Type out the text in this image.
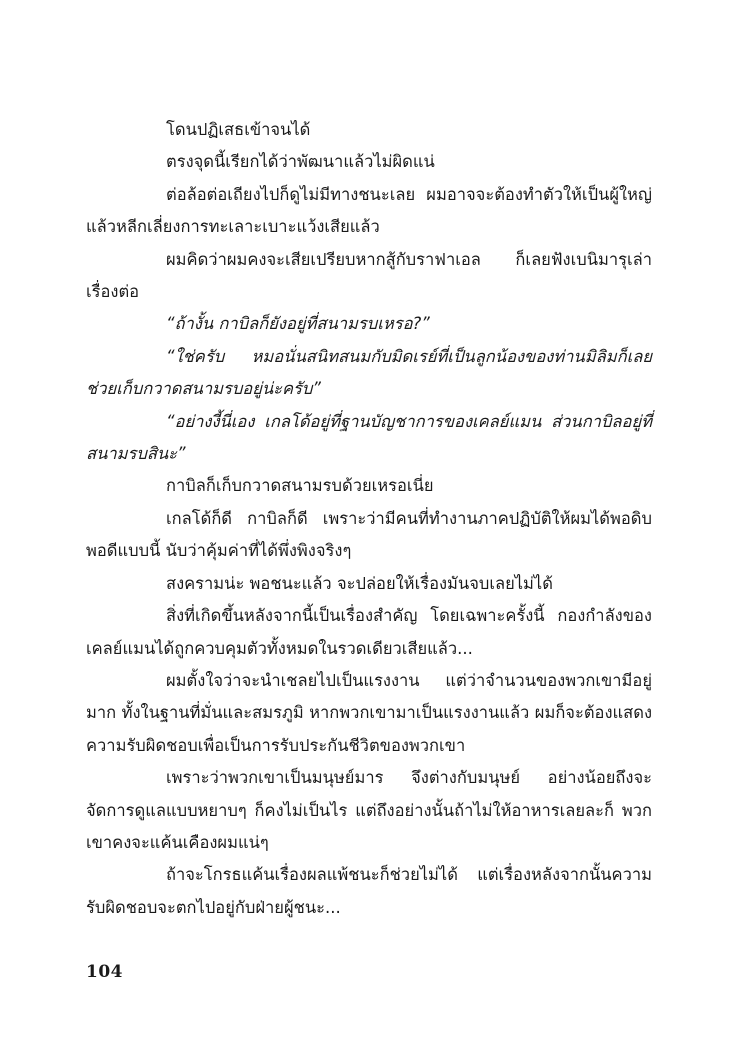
โดนปฏิเสธเข้าจนได้

ตรงจุดนี้เรียกได้ว่าพัฒนาแล้วไม่ผิดแน่

ต่อล้อต่อเถียงไปก็ดูไม่มีทางชนะเลย ผมอาจจะต้องทำตัวให้เป็นผู้ใหญ่ แล้วหลีกเลี่ยงการทะเลาะเบาะแว้งเสียแล้ว

ผมคิดว่าผมคงจะเสียเปรียบหากสู้กับราฟาเอล ก็เลยฟังเบนิมารุเล่าเรื่องต่อ

“ถ้างั้น กาบิลก็ยังอยู่ที่สนามรบเหรอ?”

“ใช่ครับ หมอนั่นสนิทสนมกับมิดเรย์ที่เป็นลูกน้องของท่านมิลิมก็เลยช่วยเก็บกวาดสนามรบอยู่น่ะครับ”

“อย่างงี้นี่เอง เกลโด้อยู่ที่ฐานบัญชาการของเคลย์แมน ส่วนกาบิลอยู่ที่สนามรบสินะ”

กาบิลก็เก็บกวาดสนามรบด้วยเหรอเนี่ย

เกลโด้ก็ดี กาบิลก็ดี เพราะว่ามีคนที่ทำงานภาคปฏิบัติให้ผมได้พอดิบพอดีแบบนี้ นับว่าคุ้มค่าที่ได้พึ่งพิงจริงๆ

สงครามน่ะ พอชนะแล้ว จะปล่อยให้เรื่องมันจบเลยไม่ได้

สิ่งที่เกิดขึ้นหลังจากนี้เป็นเรื่องสำคัญ โดยเฉพาะครั้งนี้ กองกำลังของเคลย์แมนได้ถูกควบคุมตัวทั้งหมดในรวดเดียวเสียแล้ว...

ผมตั้งใจว่าจะนำเชลยไปเป็นแรงงาน แต่ว่าจำนวนของพวกเขามีอยู่มาก ทั้งในฐานที่มั่นและสมรภูมิ หากพวกเขามาเป็นแรงงานแล้ว ผมก็จะต้องแสดงความรับผิดชอบเพื่อเป็นการรับประกันชีวิตของพวกเขา

เพราะว่าพวกเขาเป็นมนุษย์มาร จึงต่างกับมนุษย์ อย่างน้อยถึงจะจัดการดูแลแบบหยาบๆ ก็คงไม่เป็นไร แต่ถึงอย่างนั้นถ้าไม่ให้อาหารเลยละก็ พวกเขาคงจะแค้นเคืองผมแน่ๆ

ถ้าจะโกรธแค้นเรื่องผลแพ้ชนะก็ช่วยไม่ได้ แต่เรื่องหลังจากนั้นความรับผิดชอบจะตกไปอยู่กับฝ่ายผู้ชนะ...

104
